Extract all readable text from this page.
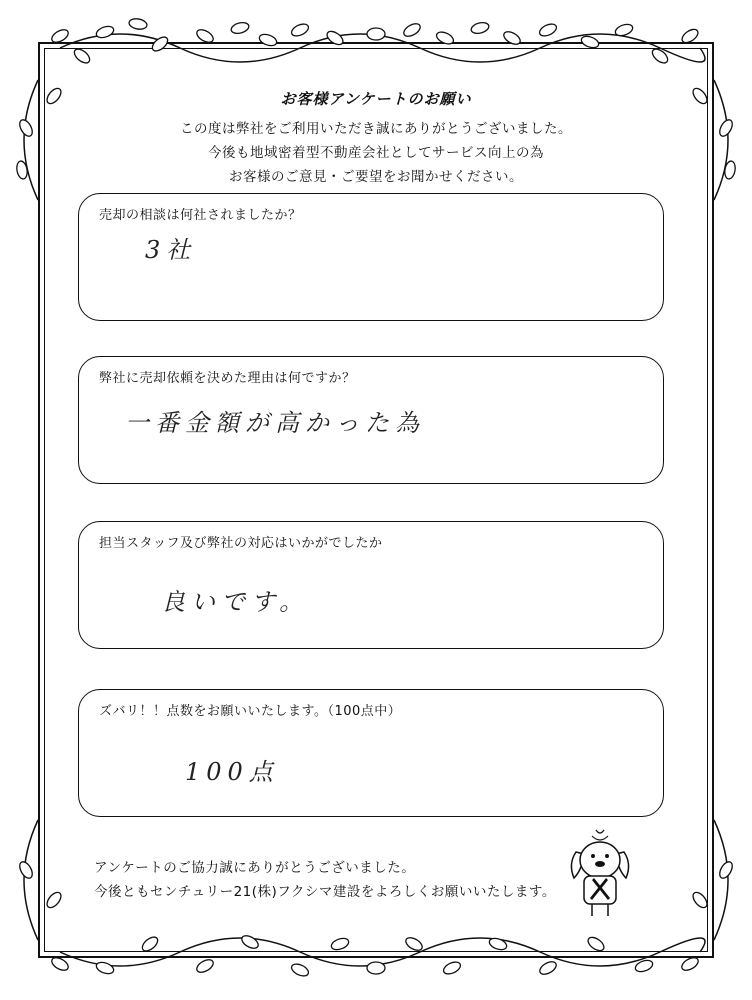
お客様アンケートのお願い
この度は弊社をご利用いただき誠にありがとうございました。
今後も地域密着型不動産会社としてサービス向上の為
お客様のご意見・ご要望をお聞かせください。
売却の相談は何社されましたか？
3社
弊社に売却依頼を決めた理由は何ですか？
一番金額が高かった為
担当スタッフ及び弊社の対応はいかがでしたか
良いです。
ズバリ！！点数をお願いいたします。（100点中）
100点
アンケートのご協力誠にありがとうございました。
今後ともセンチュリー21(株)フクシマ建設をよろしくお願いいたします。
